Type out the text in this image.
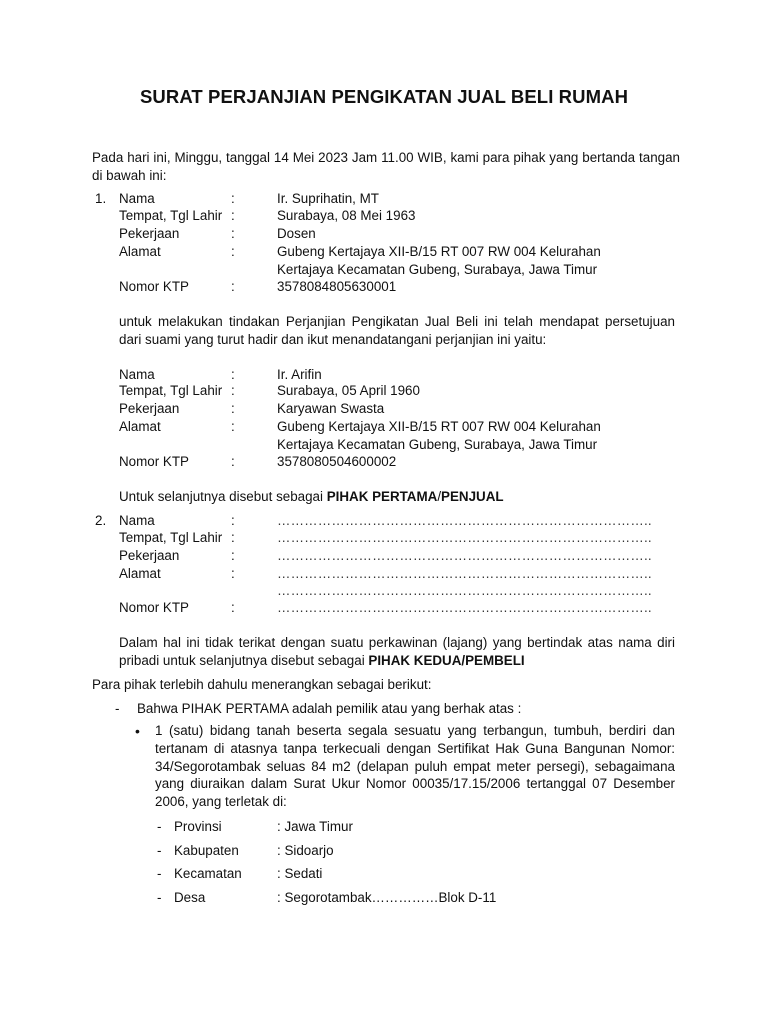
SURAT PERJANJIAN PENGIKATAN JUAL BELI RUMAH
Pada hari ini, Minggu, tanggal 14 Mei 2023 Jam 11.00 WIB, kami para pihak yang bertanda tangan di bawah ini:
1. Nama	:	Ir. Suprihatin, MT
Tempat, Tgl Lahir :	Surabaya, 08 Mei 1963
Pekerjaan	:	Dosen
Alamat	:	Gubeng Kertajaya XII-B/15 RT 007 RW 004 Kelurahan
Kertajaya Kecamatan Gubeng, Surabaya, Jawa Timur
Nomor KTP	:	3578084805630001
untuk melakukan tindakan Perjanjian Pengikatan Jual Beli ini telah mendapat persetujuan dari suami yang turut hadir dan ikut menandatangani perjanjian ini yaitu:
Nama	:	Ir. Arifin
Tempat, Tgl Lahir :	Surabaya, 05 April 1960
Pekerjaan	:	Karyawan Swasta
Alamat	:	Gubeng Kertajaya XII-B/15 RT 007 RW 004 Kelurahan
Kertajaya Kecamatan Gubeng, Surabaya, Jawa Timur
Nomor KTP	:	3578080504600002
Untuk selanjutnya disebut sebagai PIHAK PERTAMA/PENJUAL
2. Nama	:	………………………………………………………………………..
Tempat, Tgl Lahir :	………………………………………………………………………..
Pekerjaan	:	………………………………………………………………………..
Alamat	:	………………………………………………………………………..
………………………………………………………………………..
Nomor KTP	:	………………………………………………………………………..
Dalam hal ini tidak terikat dengan suatu perkawinan (lajang) yang bertindak atas nama diri pribadi untuk selanjutnya disebut sebagai PIHAK KEDUA/PEMBELI
Para pihak terlebih dahulu menerangkan sebagai berikut:
- Bahwa PIHAK PERTAMA adalah pemilik atau yang berhak atas :
• 1 (satu) bidang tanah beserta segala sesuatu yang terbangun, tumbuh, berdiri dan tertanam di atasnya tanpa terkecuali dengan Sertifikat Hak Guna Bangunan Nomor: 34/Segorotambak seluas 84 m2 (delapan puluh empat meter persegi), sebagaimana yang diuraikan dalam Surat Ukur Nomor 00035/17.15/2006 tertanggal 07 Desember 2006, yang terletak di:
- Provinsi	: Jawa Timur
- Kabupaten	: Sidoarjo
- Kecamatan	: Sedati
- Desa	: Segorotambak……………Blok D-11
